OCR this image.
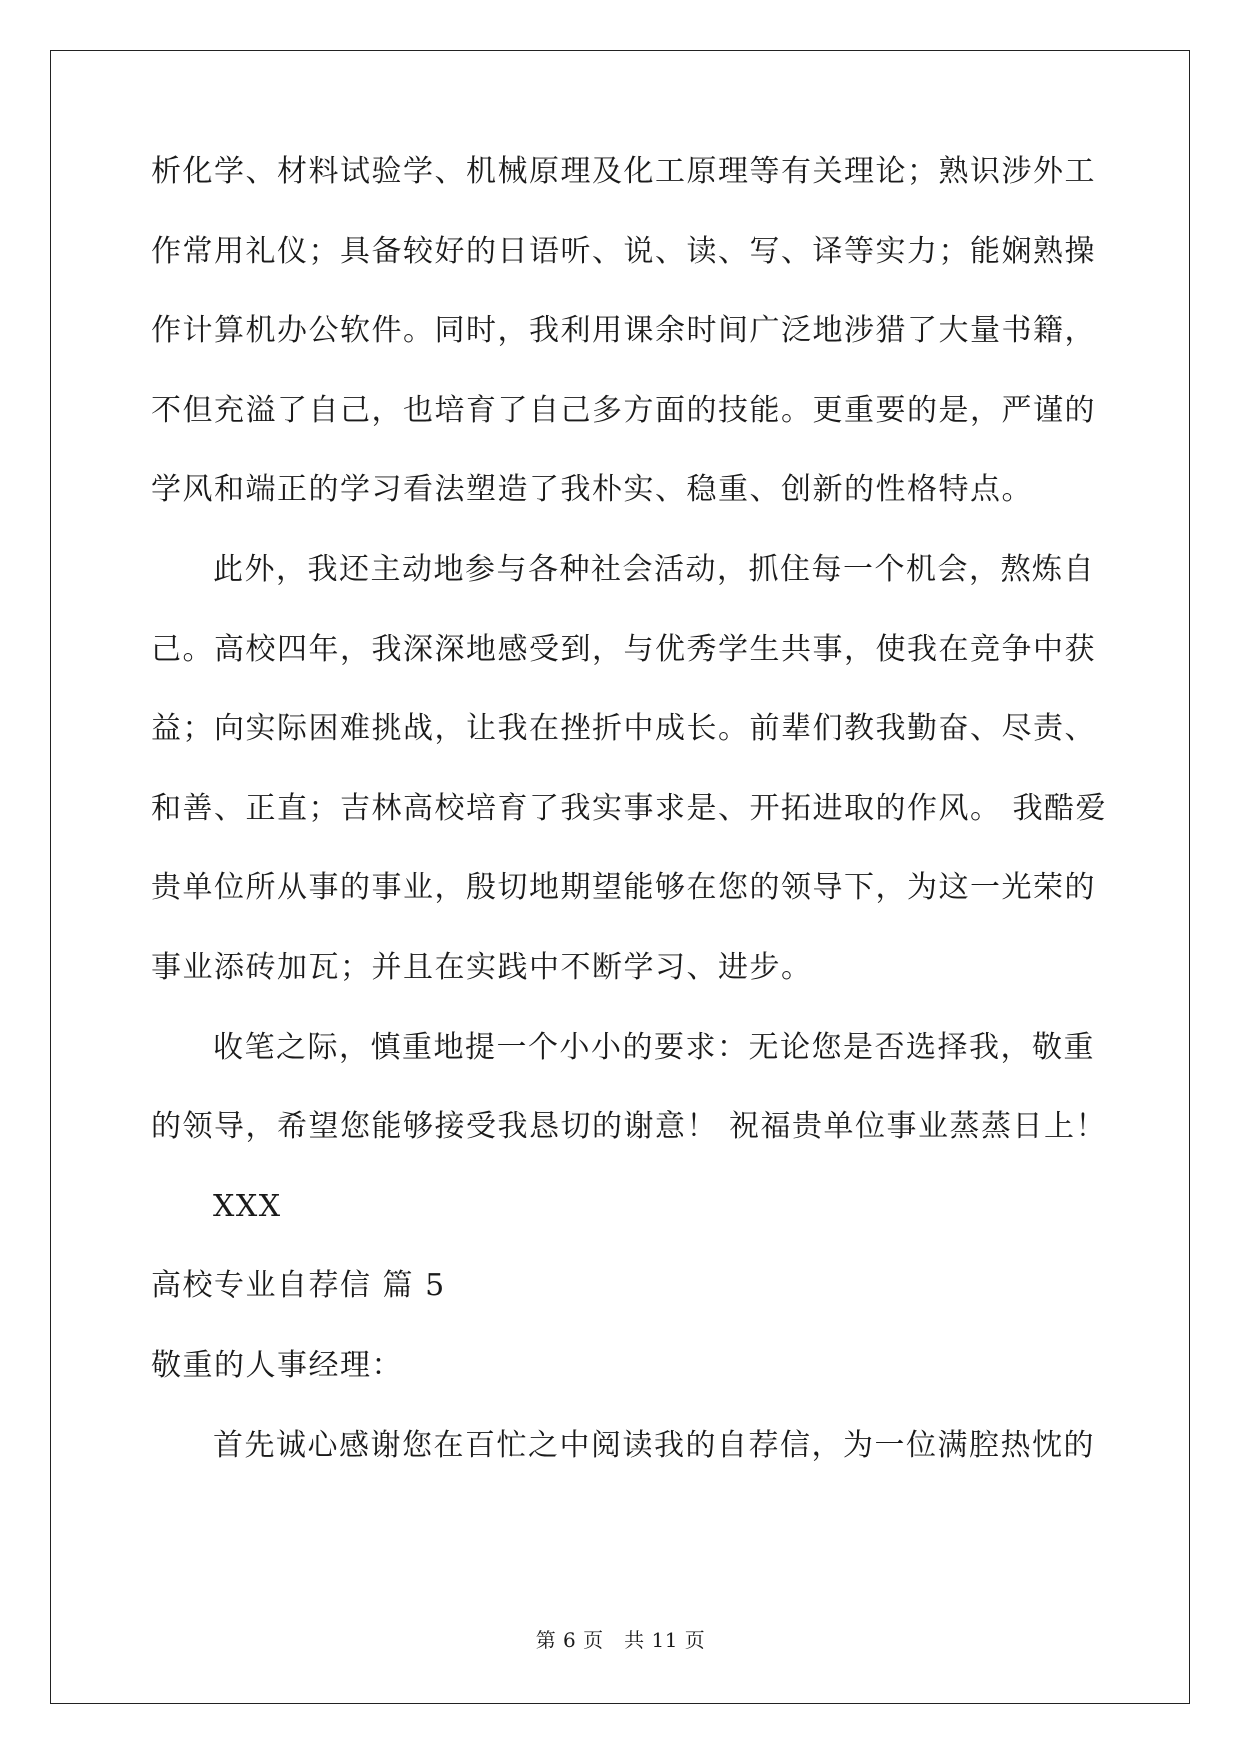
析化学、材料试验学、机械原理及化工原理等有关理论；熟识涉外工
作常用礼仪；具备较好的日语听、说、读、写、译等实力；能娴熟操
作计算机办公软件。同时，我利用课余时间广泛地涉猎了大量书籍，
不但充溢了自己，也培育了自己多方面的技能。更重要的是，严谨的
学风和端正的学习看法塑造了我朴实、稳重、创新的性格特点。
此外，我还主动地参与各种社会活动，抓住每一个机会，熬炼自
己。高校四年，我深深地感受到，与优秀学生共事，使我在竞争中获
益；向实际困难挑战，让我在挫折中成长。前辈们教我勤奋、尽责、
和善、正直；吉林高校培育了我实事求是、开拓进取的作风。 我酷爱
贵单位所从事的事业，殷切地期望能够在您的领导下，为这一光荣的
事业添砖加瓦；并且在实践中不断学习、进步。
收笔之际，慎重地提一个小小的要求：无论您是否选择我，敬重
的领导，希望您能够接受我恳切的谢意！ 祝福贵单位事业蒸蒸日上！
XXX
高校专业自荐信 篇 5
敬重的人事经理：
首先诚心感谢您在百忙之中阅读我的自荐信，为一位满腔热忱的
第 6 页　共 11 页
